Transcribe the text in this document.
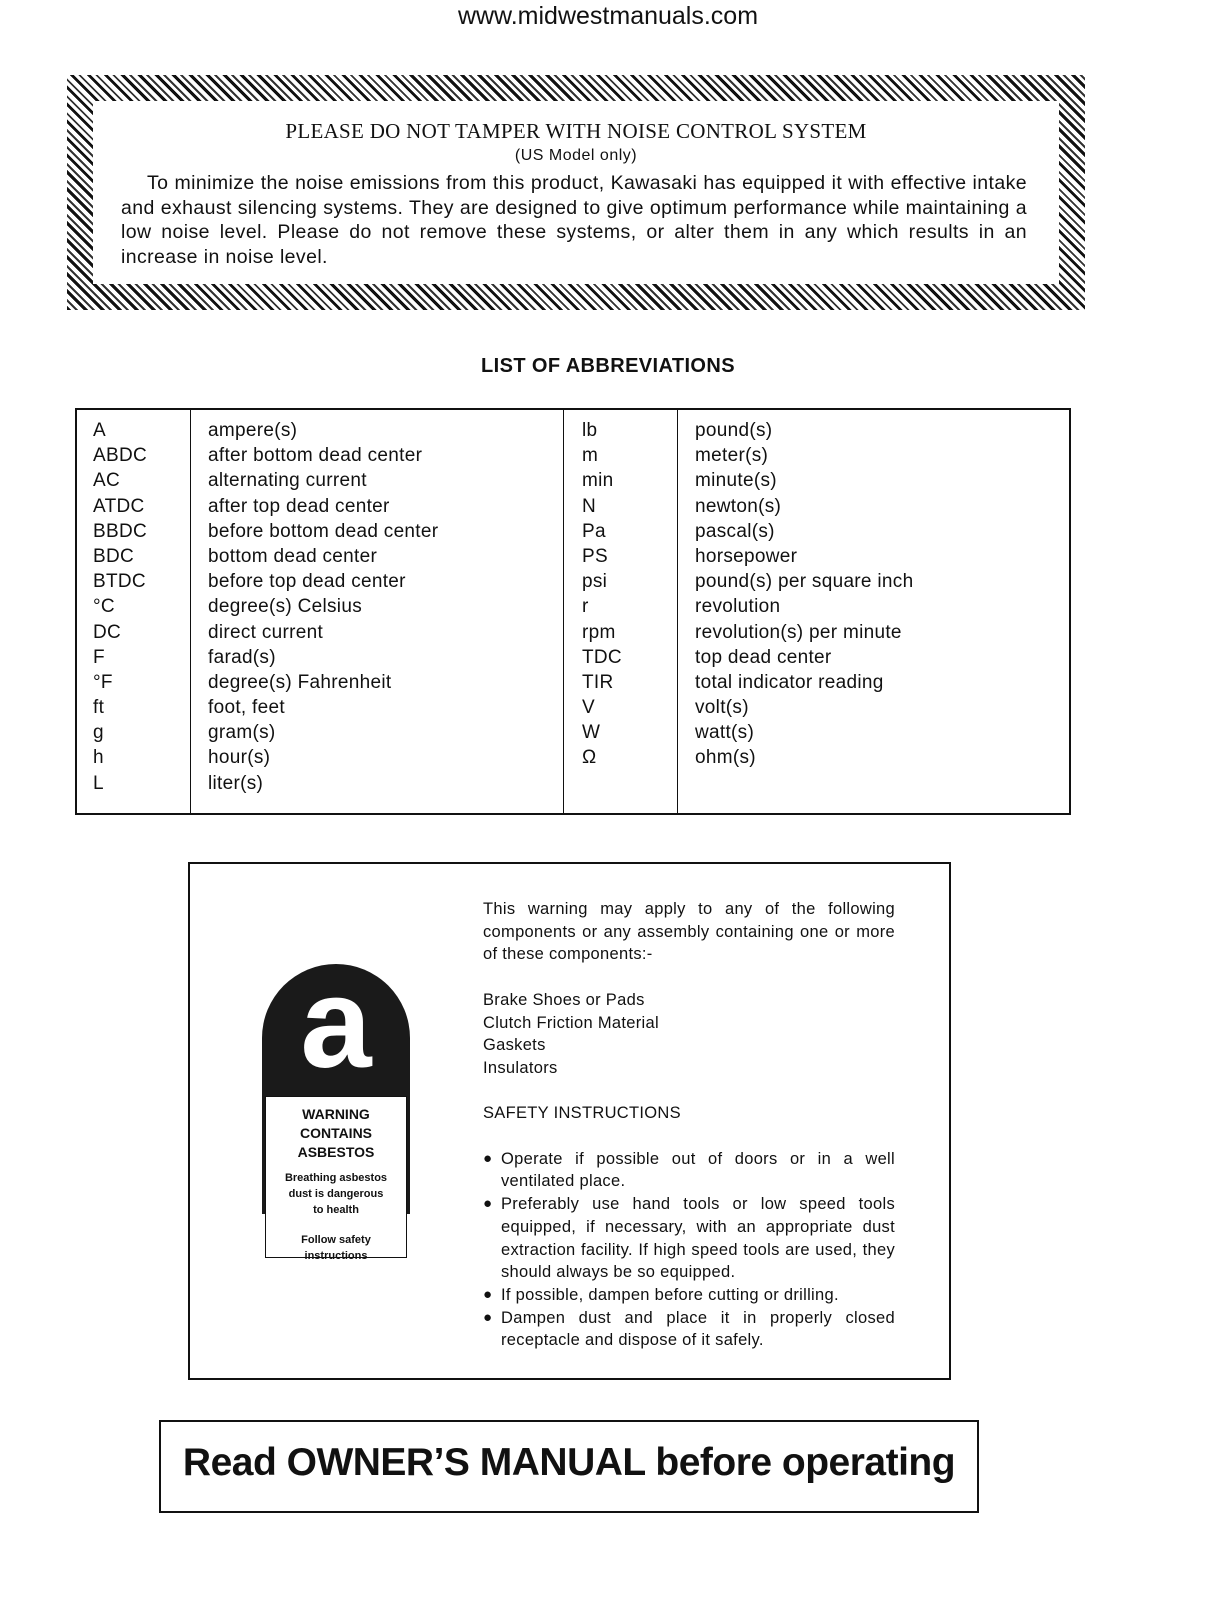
www.midwestmanuals.com
PLEASE DO NOT TAMPER WITH NOISE CONTROL SYSTEM
(US Model only)

To minimize the noise emissions from this product, Kawasaki has equipped it with effective intake and exhaust silencing systems. They are designed to give optimum performance while maintaining a low noise level. Please do not remove these systems, or alter them in any which results in an increase in noise level.

LIST OF ABBREVIATIONS
A
ABDC
AC
ATDC
BBDC
BDC
BTDC
°C
DC
F
°F
ft
g
h
L
ampere(s)
after bottom dead center
alternating current
after top dead center
before bottom dead center
bottom dead center
before top dead center
degree(s) Celsius
direct current
farad(s)
degree(s) Fahrenheit
foot, feet
gram(s)
hour(s)
liter(s)
lb
m
min
N
Pa
PS
psi
r
rpm
TDC
TIR
V
W
Ω
pound(s)
meter(s)
minute(s)
newton(s)
pascal(s)
horsepower
pound(s) per square inch
revolution
revolution(s) per minute
top dead center
total indicator reading
volt(s)
watt(s)
ohm(s)
a
WARNING
CONTAINS
ASBESTOS
Breathing asbestos
dust is dangerous
to health
Follow safety
instructions
This warning may apply to any of the following components or any assembly containing one or more of these components:-
Brake Shoes or Pads
Clutch Friction Material
Gaskets
Insulators
SAFETY INSTRUCTIONS
● Operate if possible out of doors or in a well ventilated place.
● Preferably use hand tools or low speed tools equipped, if necessary, with an appropriate dust extraction facility. If high speed tools are used, they should always be so equipped.
● If possible, dampen before cutting or drilling.
● Dampen dust and place it in properly closed receptacle and dispose of it safely.
Read OWNER’S MANUAL before operating
